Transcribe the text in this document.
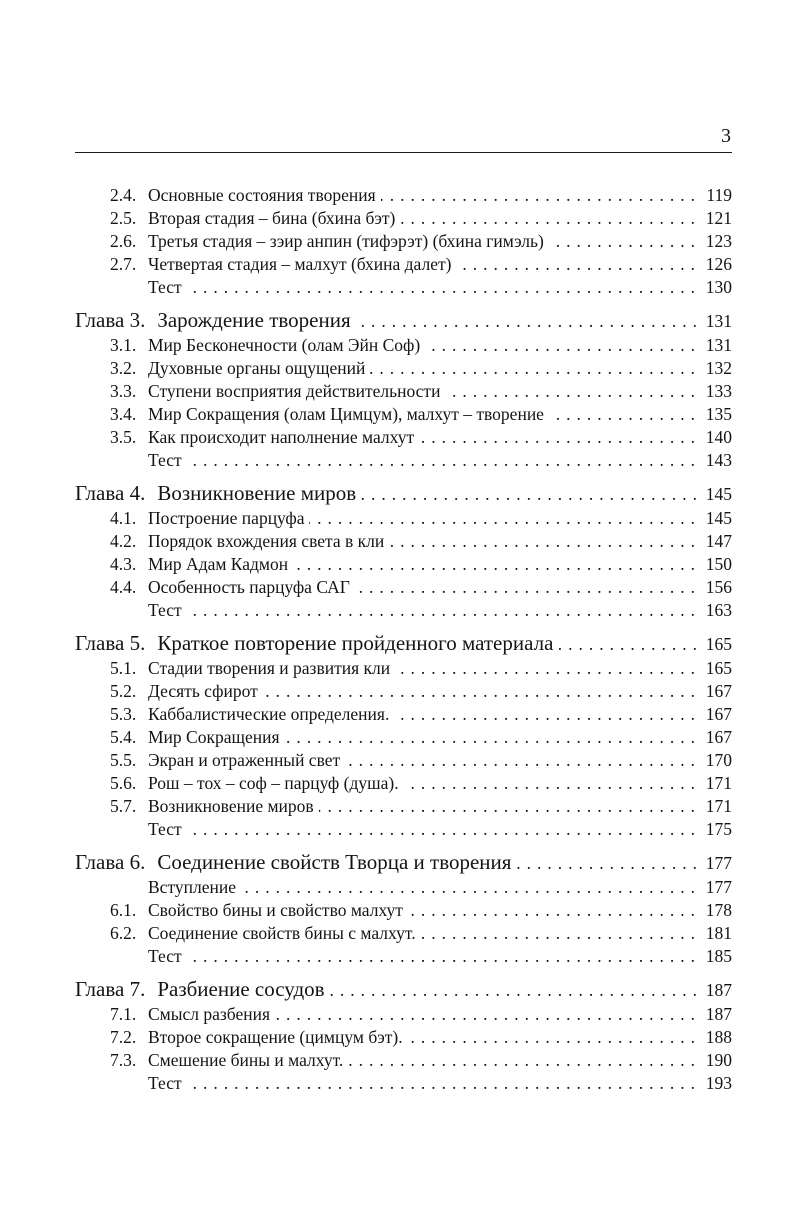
3
2.4. Основные состояния творения .....	119
2.5. Вторая стадия – бина (бхина бэт) .....	121
2.6. Третья стадия – зэир анпин (тифэрэт) (бхина гимэль) .....	123
2.7. Четвертая стадия – малхут (бхина далет) .....	126
Тест .....	130
Глава 3. Зарождение творения .....	131
3.1. Мир Бесконечности (олам Эйн Соф) .....	131
3.2. Духовные органы ощущений .....	132
3.3. Ступени восприятия действительности .....	133
3.4. Мир Сокращения (олам Цимцум), малхут – творение .....	135
3.5. Как происходит наполнение малхут .....	140
Тест .....	143
Глава 4. Возникновение миров .....	145
4.1. Построение парцуфа .....	145
4.2. Порядок вхождения света в кли .....	147
4.3. Мир Адам Кадмон .....	150
4.4. Особенность парцуфа САГ .....	156
Тест .....	163
Глава 5. Краткое повторение пройденного материала .....	165
5.1. Стадии творения и развития кли .....	165
5.2. Десять сфирот .....	167
5.3. Каббалистические определения. .....	167
5.4. Мир Сокращения .....	167
5.5. Экран и отраженный свет .....	170
5.6. Рош – тох – соф – парцуф (душа). .....	171
5.7. Возникновение миров .....	171
Тест .....	175
Глава 6. Соединение свойств Творца и творения .....	177
Вступление .....	177
6.1. Свойство бины и свойство малхут .....	178
6.2. Соединение свойств бины с малхут. .....	181
Тест .....	185
Глава 7. Разбиение сосудов .....	187
7.1. Смысл разбения .....	187
7.2. Второе сокращение (цимцум бэт). .....	188
7.3. Смешение бины и малхут. .....	190
Тест .....	193
